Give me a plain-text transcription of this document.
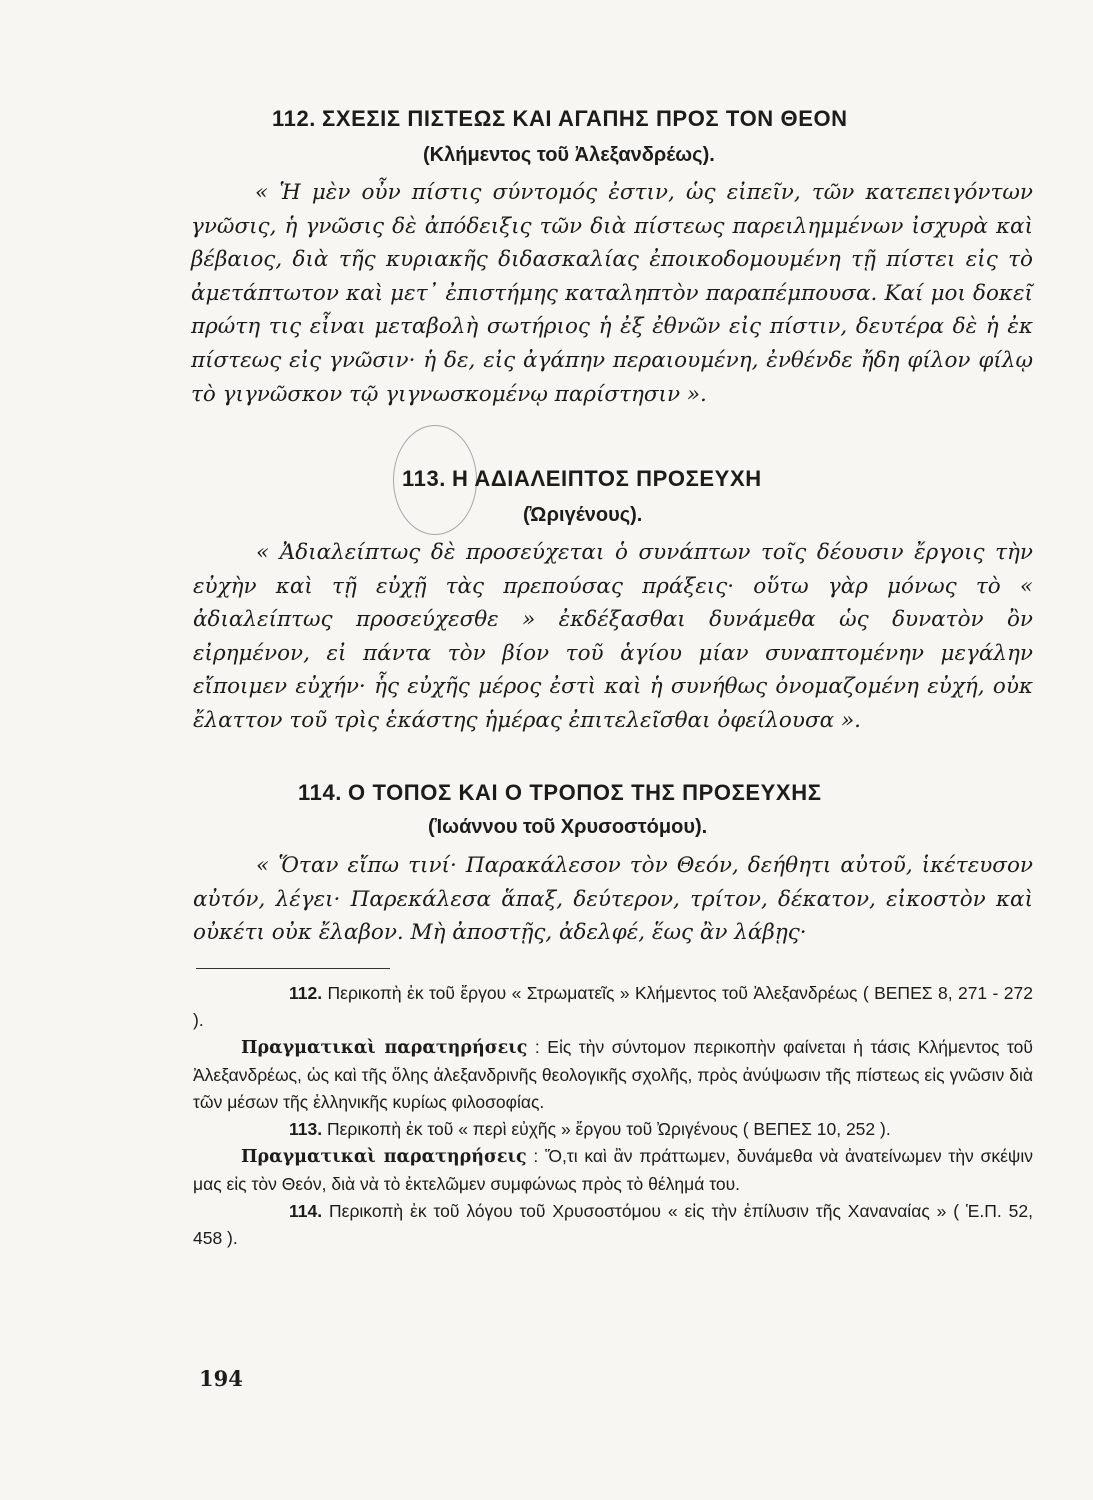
112. ΣΧΕΣΙΣ ΠΙΣΤΕΩΣ ΚΑΙ ΑΓΑΠΗΣ ΠΡΟΣ ΤΟΝ ΘΕΟΝ
(Κλήμεντος τοῦ Ἀλεξανδρέως).
« Ἡ μὲν οὖν πίστις σύντομός ἐστιν, ὡς εἰπεῖν, τῶν κατεπειγόντων γνῶσις, ἡ γνῶσις δὲ ἀπόδειξις τῶν διὰ πίστεως παρειλημμένων ἰσχυρὰ καὶ βέβαιος, διὰ τῆς κυριακῆς διδασκαλίας ἐποικοδομουμένη τῇ πίστει εἰς τὸ ἀμετάπτωτον καὶ μετ᾽ ἐπιστήμης καταληπτὸν παραπέμπουσα. Καί μοι δοκεῖ πρώτη τις εἶναι μεταβολὴ σωτήριος ἡ ἐξ ἐθνῶν εἰς πίστιν, δευτέρα δὲ ἡ ἐκ πίστεως εἰς γνῶσιν· ἡ δε, εἰς ἀγάπην περαιουμένη, ἐνθένδε ἤδη φίλον φίλῳ τὸ γιγνῶσκον τῷ γιγνωσκομένῳ παρίστησιν ».
113. Η ΑΔΙΑΛΕΙΠΤΟΣ ΠΡΟΣΕΥΧΗ
(Ὠριγένους).
« Ἀδιαλείπτως δὲ προσεύχεται ὁ συνάπτων τοῖς δέουσιν ἔργοις τὴν εὐχὴν καὶ τῇ εὐχῇ τὰς πρεπούσας πράξεις· οὕτω γὰρ μόνως τὸ « ἀδιαλείπτως προσεύχεσθε » ἐκδέξασθαι δυνάμεθα ὡς δυνατὸν ὂν εἰρημένον, εἰ πάντα τὸν βίον τοῦ ἁγίου μίαν συναπτομένην μεγάλην εἴποιμεν εὐχήν· ἧς εὐχῆς μέρος ἐστὶ καὶ ἡ συνήθως ὀνομαζομένη εὐχή, οὐκ ἔλαττον τοῦ τρὶς ἑκάστης ἡμέρας ἐπιτελεῖσθαι ὀφείλουσα ».
114. Ο ΤΟΠΟΣ ΚΑΙ Ο ΤΡΟΠΟΣ ΤΗΣ ΠΡΟΣΕΥΧΗΣ
(Ἰωάννου τοῦ Χρυσοστόμου).
« Ὅταν εἴπω τινί· Παρακάλεσον τὸν Θεόν, δεήθητι αὐτοῦ, ἱκέτευσον αὐτόν, λέγει· Παρεκάλεσα ἅπαξ, δεύτερον, τρίτον, δέκατον, εἰκοστὸν καὶ οὐκέτι οὐκ ἔλαβον. Μὴ ἀποστῇς, ἀδελφέ, ἕως ἂν λάβῃς·

112. Περικοπὴ ἐκ τοῦ ἔργου « Στρωματεῖς » Κλήμεντος τοῦ Ἀλεξανδρέως ( ΒΕΠΕΣ 8, 271 - 272 ).

Πραγματικαὶ παρατηρήσεις : Εἰς τὴν σύντομον περικοπὴν φαίνεται ἡ τάσις Κλήμεντος τοῦ Ἀλεξανδρέως, ὡς καὶ τῆς ὅλης ἀλεξανδρινῆς θεολογικῆς σχολῆς, πρὸς ἀνύψωσιν τῆς πίστεως εἰς γνῶσιν διὰ τῶν μέσων τῆς ἑλληνικῆς κυρίως φιλοσοφίας.

113. Περικοπὴ ἐκ τοῦ « περὶ εὐχῆς » ἔργου τοῦ Ὠριγένους ( ΒΕΠΕΣ 10, 252 ).

Πραγματικαὶ παρατηρήσεις : Ὅ,τι καὶ ἂν πράττωμεν, δυνάμεθα νὰ ἀνατείνωμεν τὴν σκέψιν μας εἰς τὸν Θεόν, διὰ νὰ τὸ ἐκτελῶμεν συμφώνως πρὸς τὸ θέλημά του.

114. Περικοπὴ ἐκ τοῦ λόγου τοῦ Χρυσοστόμου « εἰς τὴν ἐπίλυσιν τῆς Χαναναίας » ( Ἑ.Π. 52, 458 ).

194
